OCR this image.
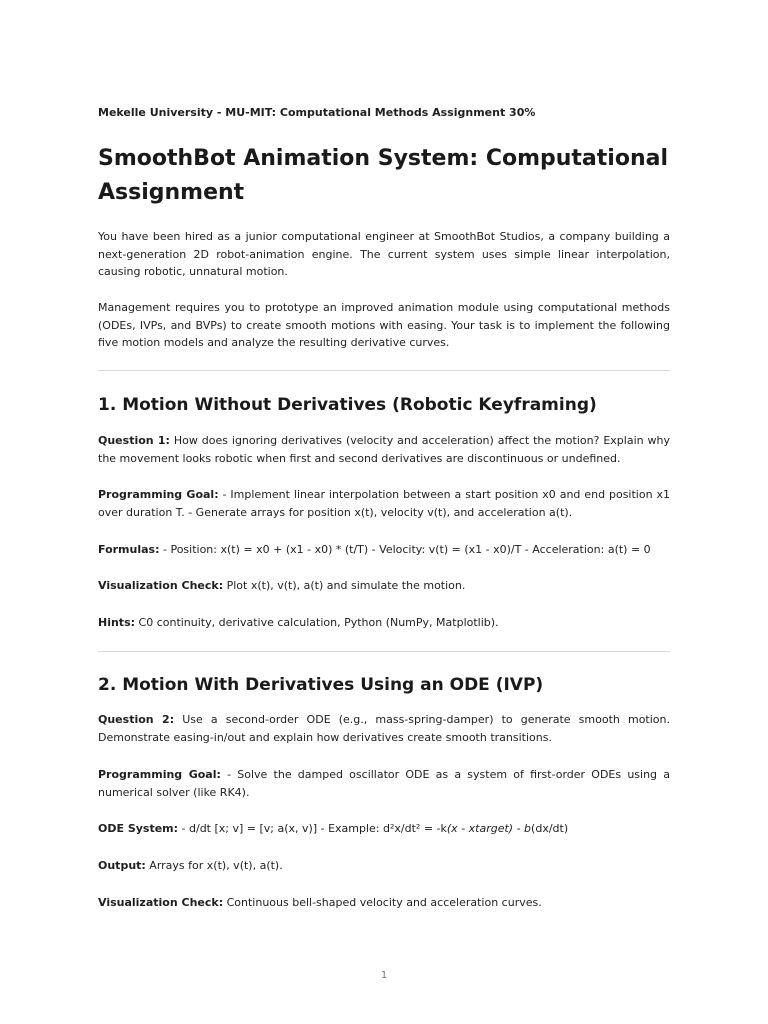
Mekelle University - MU-MIT: Computational Methods Assignment 30%
SmoothBot Animation System: Computational Assignment

You have been hired as a junior computational engineer at SmoothBot Studios, a company building a next-generation 2D robot-animation engine. The current system uses simple linear interpolation, causing robotic, unnatural motion.

Management requires you to prototype an improved animation module using computational methods (ODEs, IVPs, and BVPs) to create smooth motions with easing. Your task is to implement the following five motion models and analyze the resulting derivative curves.

1. Motion Without Derivatives (Robotic Keyframing)

Question 1: How does ignoring derivatives (velocity and acceleration) affect the motion? Explain why the movement looks robotic when first and second derivatives are discontinuous or undefined.

Programming Goal: - Implement linear interpolation between a start position x0 and end position x1 over duration T. - Generate arrays for position x(t), velocity v(t), and acceleration a(t).

Formulas: - Position: x(t) = x0 + (x1 - x0) * (t/T) - Velocity: v(t) = (x1 - x0)/T - Acceleration: a(t) = 0

Visualization Check: Plot x(t), v(t), a(t) and simulate the motion.

Hints: C0 continuity, derivative calculation, Python (NumPy, Matplotlib).

2. Motion With Derivatives Using an ODE (IVP)

Question 2: Use a second-order ODE (e.g., mass-spring-damper) to generate smooth motion. Demonstrate easing-in/out and explain how derivatives create smooth transitions.

Programming Goal: - Solve the damped oscillator ODE as a system of first-order ODEs using a numerical solver (like RK4).

ODE System: - d/dt [x; v] = [v; a(x, v)] - Example: d²x/dt² = -k(x - xtarget) - b(dx/dt)

Output: Arrays for x(t), v(t), a(t).

Visualization Check: Continuous bell-shaped velocity and acceleration curves.

1
